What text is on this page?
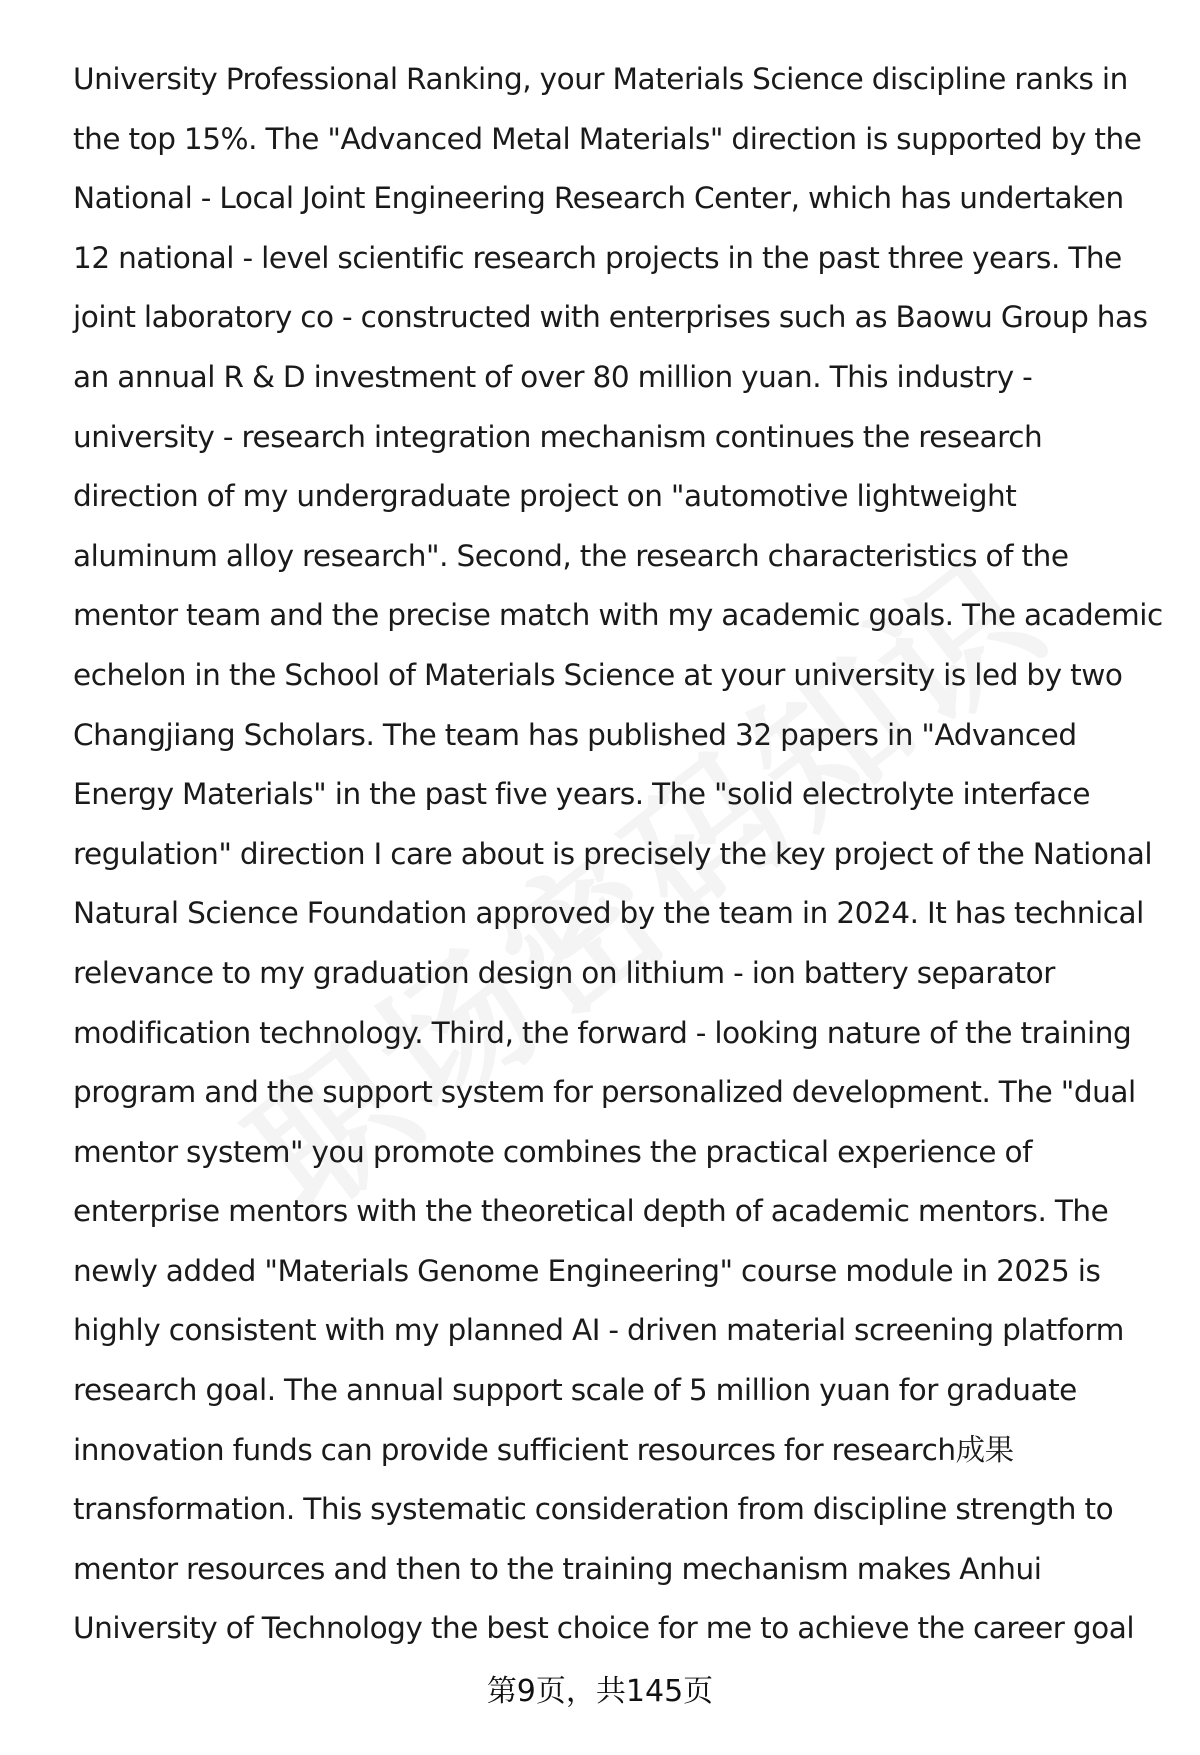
University Professional Ranking, your Materials Science discipline ranks in
the top 15%. The "Advanced Metal Materials" direction is supported by the
National - Local Joint Engineering Research Center, which has undertaken
12 national - level scientific research projects in the past three years. The
joint laboratory co - constructed with enterprises such as Baowu Group has
an annual R & D investment of over 80 million yuan. This industry -
university - research integration mechanism continues the research
direction of my undergraduate project on "automotive lightweight
aluminum alloy research". Second, the research characteristics of the
mentor team and the precise match with my academic goals. The academic
echelon in the School of Materials Science at your university is led by two
Changjiang Scholars. The team has published 32 papers in "Advanced
Energy Materials" in the past five years. The "solid electrolyte interface
regulation" direction I care about is precisely the key project of the National
Natural Science Foundation approved by the team in 2024. It has technical
relevance to my graduation design on lithium - ion battery separator
modification technology. Third, the forward - looking nature of the training
program and the support system for personalized development. The "dual
mentor system" you promote combines the practical experience of
enterprise mentors with the theoretical depth of academic mentors. The
newly added "Materials Genome Engineering" course module in 2025 is
highly consistent with my planned AI - driven material screening platform
research goal. The annual support scale of 5 million yuan for graduate
innovation funds can provide sufficient resources for research成果
transformation. This systematic consideration from discipline strength to
mentor resources and then to the training mechanism makes Anhui
University of Technology the best choice for me to achieve the career goal
第9页，共145页
